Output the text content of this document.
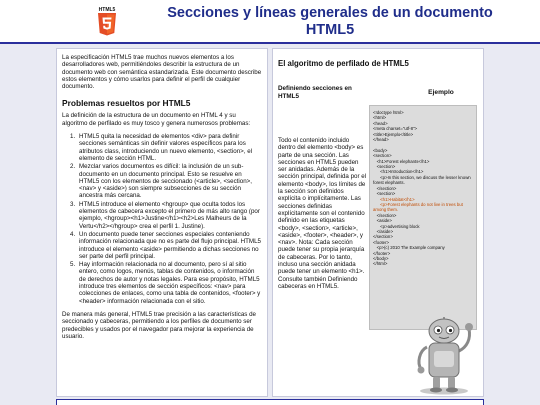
HTML5	Secciones y líneas generales de un documento HTML5

La especificación HTML5 trae muchos nuevos elementos a los desarrolladores web, permitiéndoles describir la estructura de un documento web con semántica estandarizada. Este documento describe estos elementos y cómo usarlos para definir el perfil de cualquier documento.

Problemas resueltos por HTML5

La definición de la estructura de un documento en HTML 4 y su algoritmo de perfilado es muy tosco y genera numerosos problemas:

1. HTML5 quita la necesidad de elementos <div> para definir secciones semánticas sin definir valores específicos para los atributos class, introduciendo un nuevo elemento, <section>, el elemento de sección HTML.
2. Mezclar varios documentos es difícil: la inclusión de un sub-documento en un documento principal. Esto se resuelve en HTML5 con los elementos de seccionado (<article>, <section>, <nav> y <aside>) son siempre subsecciones de su sección ancestra más cercana.
3. HTML5 introduce el elemento <hgroup> que oculta todos los elementos de cabecera excepto el primero de más alto rango (por ejemplo, <hgroup><h1>Justine</h1><h2>Les Malheurs de la Vertu</h2></hgroup> crea el perfil 1. Justine).
4. Un documento puede tener secciones especiales conteniendo información relacionada que no es parte del flujo principal. HTML5 introduce el elemento <aside> permitiendo a dichas secciones no ser parte del perfil principal.
5. Hay información relacionada no al documento, pero sí al sitio entero, como logos, menús, tablas de contenidos, o información de derechos de autor y notas legales. Para ese propósito, HTML5 introduce tres elementos de sección específicos: <nav> para colecciones de enlaces, como una tabla de contenidos, <footer> y <header> información relacionada con el sitio.

De manera más general, HTML5 trae precisión a las características de seccionado y cabeceras, permitiendo a los perfiles de documento ser predecibles y usados por el navegador para mejorar la experiencia de usuario.

El algoritmo de perfilado de HTML5
Definiendo secciones en HTML5

Todo el contenido incluido dentro del elemento <body> es parte de una sección. Las secciones en HTML5 pueden ser anidadas. Además de la sección principal, definida por el elemento <body>, los límites de la sección son definidos explícita o implícitamente. Las secciones definidas explícitamente son el contenido definido en las etiquetas <body>, <section>, <article>, <aside>, <footer>, <header>, y <nav>. Nota: Cada sección puede tener su propia jerarquía de cabeceras. Por lo tanto, incluso una sección anidada puede tener un elemento <h1>. Consulte también Definiendo cabeceras en HTML5.

Ejemplo
<!doctype html>
<html>
<head>
<meta charset="utf-8">
<title>Ejemplo</title>
</head>

<body>
<section>
<h1>Forest elephants</h1>
<section>
<h1>Introduction</h1>
<p>In this section, we discuss the lesser known forest elephants.
</section>
<section>
<h1>Habitat</h1>
<p>Forest elephants do not live in trees but among them.
</section>
<aside>
<p>advertising block
</aside>
</section>
<footer>
<p>(c) 2010 The Example company
</footer>
</body>
</html>
